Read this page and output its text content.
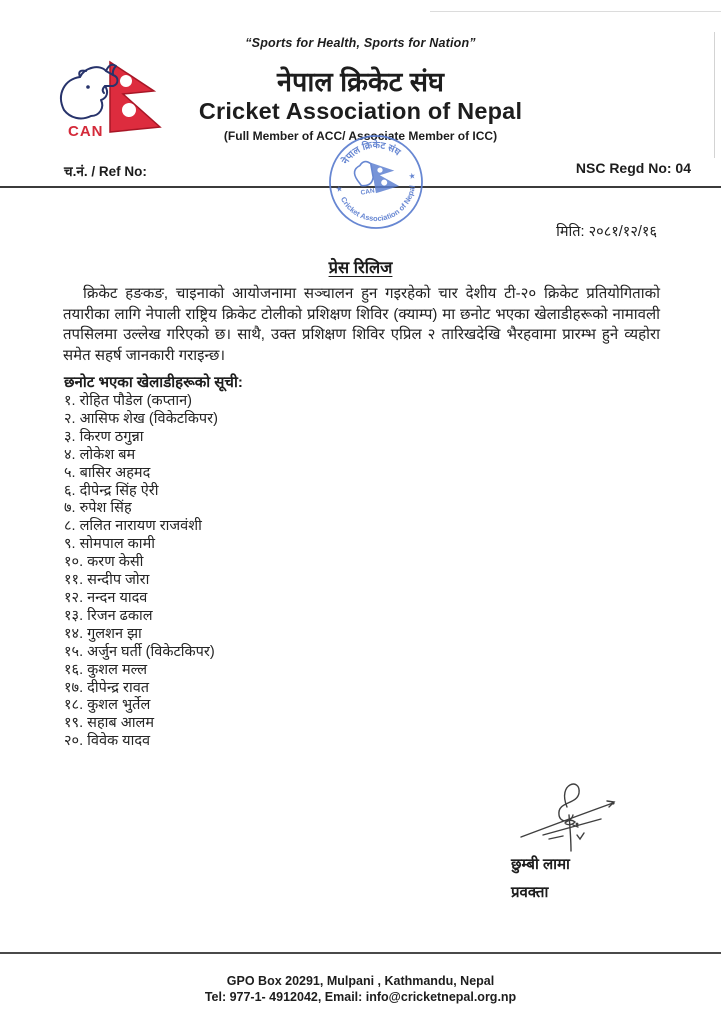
“Sports for Health, Sports for Nation”
CAN
नेपाल क्रिकेट संघ
Cricket Association of Nepal
(Full Member of ACC/ Associate Member of ICC)
च.नं. / Ref No:	NSC Regd No: 04
नेपाल क्रिकेट संघ
Cricket Association of Nepal
★
★
CAN
मिति: २०८१/१२/१६
प्रेस रिलिज
क्रिकेट हङकङ, चाइनाको आयोजनामा सञ्चालन हुन गइरहेको चार देशीय टी-२० क्रिकेट प्रतियोगिताको तयारीका लागि नेपाली राष्ट्रिय क्रिकेट टोलीको प्रशिक्षण शिविर (क्याम्प) मा छनोट भएका खेलाडीहरूको नामावली तपसिलमा उल्लेख गरिएको छ। साथै, उक्त प्रशिक्षण शिविर एप्रिल २ तारिखदेखि भैरहवामा प्रारम्भ हुने व्यहोरा समेत सहर्ष जानकारी गराइन्छ।
छनोट भएका खेलाडीहरूको सूची:
१. रोहित पौडेल (कप्तान)
२. आसिफ शेख (विकेटकिपर)
३. किरण ठगुन्ना
४. लोकेश बम
५. बासिर अहमद
६. दीपेन्द्र सिंह ऐरी
७. रुपेश सिंह
८. ललित नारायण राजवंशी
९. सोमपाल कामी
१०. करण केसी
११. सन्दीप जोरा
१२. नन्दन यादव
१३. रिजन ढकाल
१४. गुलशन झा
१५. अर्जुन घर्ती (विकेटकिपर)
१६. कुशल मल्ल
१७. दीपेन्द्र रावत
१८. कुशल भुर्तेल
१९. सहाब आलम
२०. विवेक यादव
छुम्बी लामा
प्रवक्ता
GPO Box 20291, Mulpani , Kathmandu, Nepal
Tel: 977-1- 4912042, Email: info@cricketnepal.org.np
